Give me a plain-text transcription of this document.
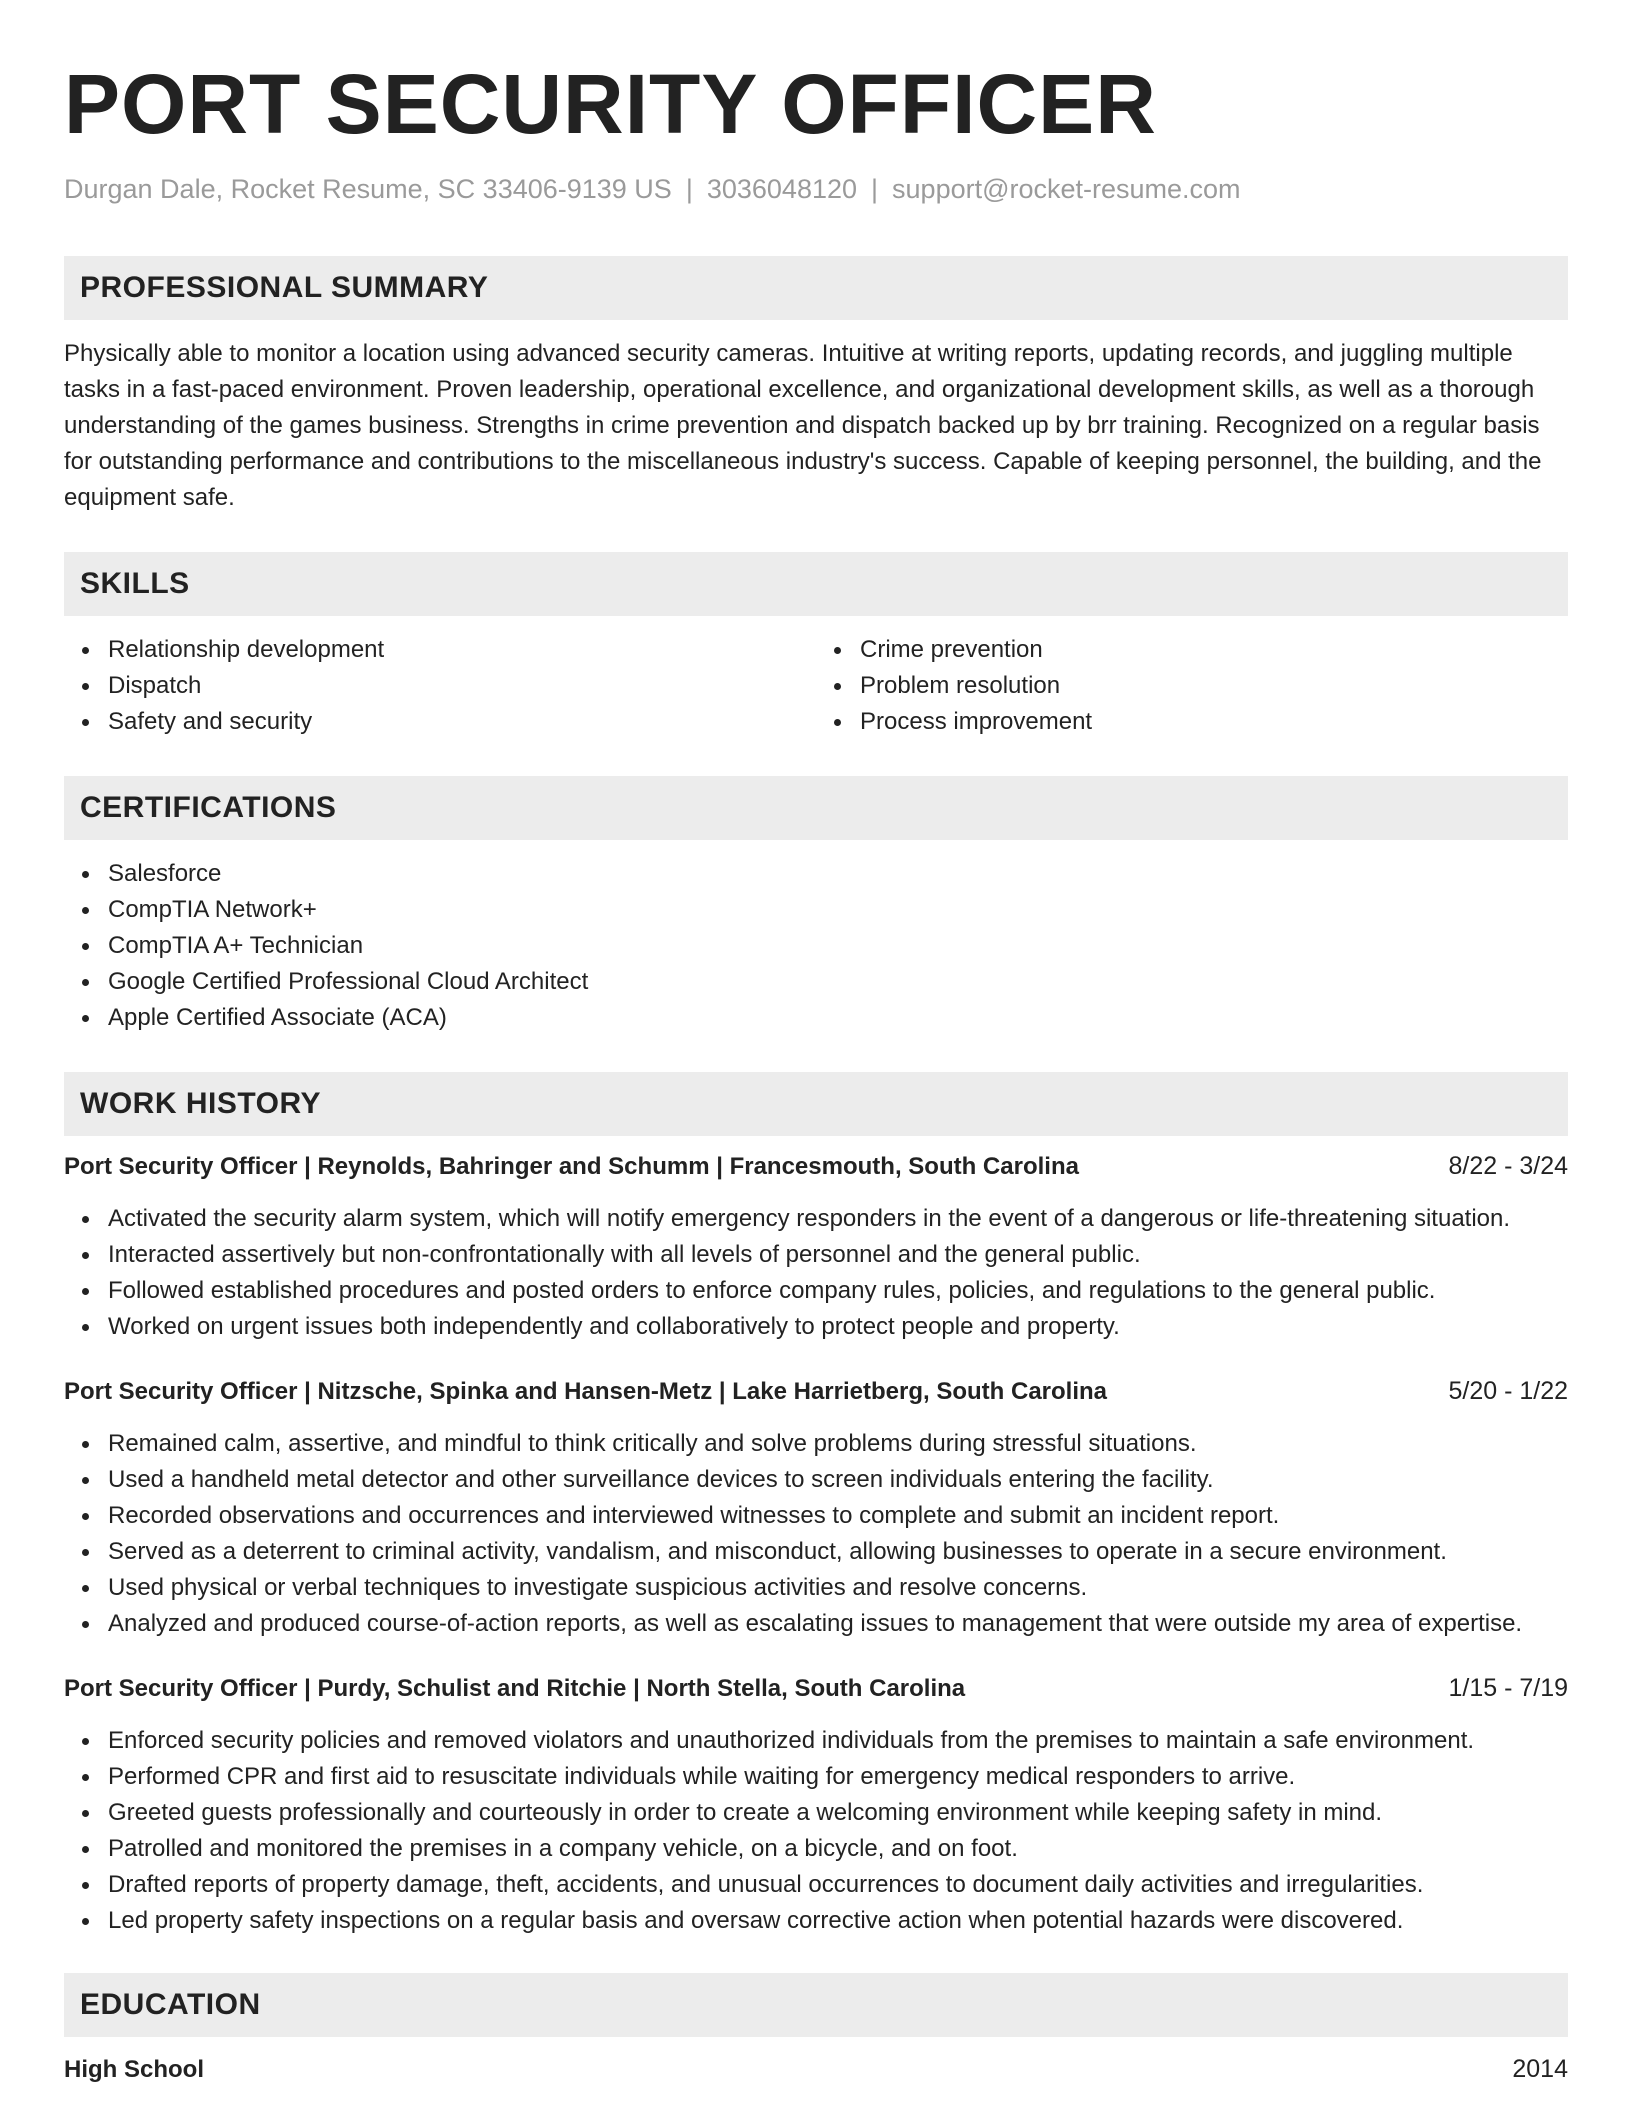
PORT SECURITY OFFICER
Durgan Dale, Rocket Resume, SC 33406-9139 US | 3036048120 | support@rocket-resume.com
PROFESSIONAL SUMMARY
Physically able to monitor a location using advanced security cameras. Intuitive at writing reports, updating records, and juggling multiple tasks in a fast-paced environment. Proven leadership, operational excellence, and organizational development skills, as well as a thorough understanding of the games business. Strengths in crime prevention and dispatch backed up by brr training. Recognized on a regular basis for outstanding performance and contributions to the miscellaneous industry's success. Capable of keeping personnel, the building, and the equipment safe.
SKILLS
Relationship development
Dispatch
Safety and security
Crime prevention
Problem resolution
Process improvement
CERTIFICATIONS
Salesforce
CompTIA Network+
CompTIA A+ Technician
Google Certified Professional Cloud Architect
Apple Certified Associate (ACA)
WORK HISTORY
Port Security Officer | Reynolds, Bahringer and Schumm | Francesmouth, South Carolina	8/22 - 3/24
Activated the security alarm system, which will notify emergency responders in the event of a dangerous or life-threatening situation.
Interacted assertively but non-confrontationally with all levels of personnel and the general public.
Followed established procedures and posted orders to enforce company rules, policies, and regulations to the general public.
Worked on urgent issues both independently and collaboratively to protect people and property.
Port Security Officer | Nitzsche, Spinka and Hansen-Metz | Lake Harrietberg, South Carolina	5/20 - 1/22
Remained calm, assertive, and mindful to think critically and solve problems during stressful situations.
Used a handheld metal detector and other surveillance devices to screen individuals entering the facility.
Recorded observations and occurrences and interviewed witnesses to complete and submit an incident report.
Served as a deterrent to criminal activity, vandalism, and misconduct, allowing businesses to operate in a secure environment.
Used physical or verbal techniques to investigate suspicious activities and resolve concerns.
Analyzed and produced course-of-action reports, as well as escalating issues to management that were outside my area of expertise.
Port Security Officer | Purdy, Schulist and Ritchie | North Stella, South Carolina	1/15 - 7/19
Enforced security policies and removed violators and unauthorized individuals from the premises to maintain a safe environment.
Performed CPR and first aid to resuscitate individuals while waiting for emergency medical responders to arrive.
Greeted guests professionally and courteously in order to create a welcoming environment while keeping safety in mind.
Patrolled and monitored the premises in a company vehicle, on a bicycle, and on foot.
Drafted reports of property damage, theft, accidents, and unusual occurrences to document daily activities and irregularities.
Led property safety inspections on a regular basis and oversaw corrective action when potential hazards were discovered.
EDUCATION
High School	2014
